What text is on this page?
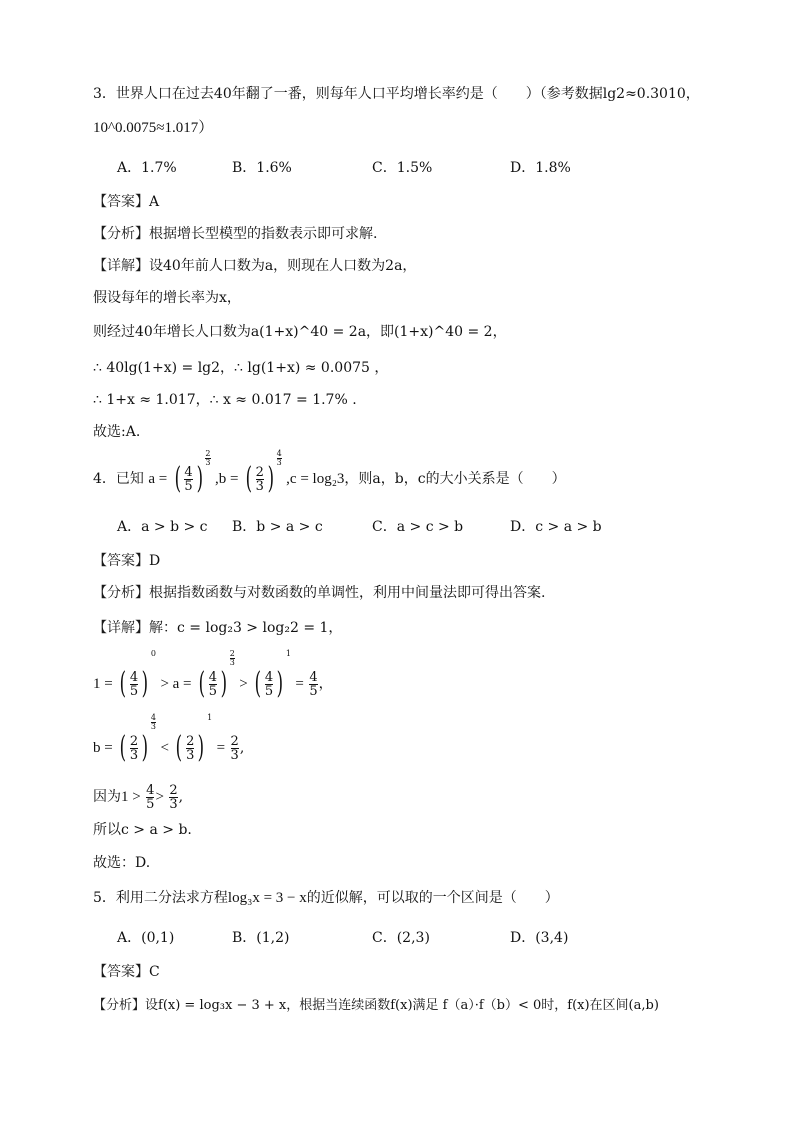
3．世界人口在过去40年翻了一番，则每年人口平均增长率约是（　　）（参考数据lg2≈0.3010，
10^0.0075≈1.017）
A．1.7%	B．1.6%	C．1.5%	D．1.8%
【答案】A
【分析】根据增长型模型的指数表示即可求解.
【详解】设40年前人口数为a，则现在人口数为2a，
假设每年的增长率为x，
则经过40年增长人口数为a(1+x)^40 = 2a，即(1+x)^40 = 2，
∴ 40lg(1+x) = lg2，∴ lg(1+x) ≈ 0.0075 ，
∴ 1+x ≈ 1.017，∴ x ≈ 0.017 = 1.7% .
故选:A.
4．已知 a = ( $\frac{4}{5}$ )
$\frac{2}{3}$
,b = ( $\frac{2}{3}$ )
$\frac{4}{3}$
,c = log₂3，则a，b，c的大小关系是（　　）
A．a > b > c B．b > a > c	C．a > c > b	D．c > a > b
【答案】D
【分析】根据指数函数与对数函数的单调性，利用中间量法即可得出答案.
【详解】解：c = log₂3 > log₂2 = 1，
1 = ( $\frac{4}{5}$ )
0
> a = ( $\frac{4}{5}$ )
$\frac{2}{3}$
> ( $\frac{4}{5}$ )
1
= $\frac{4}{5}$ ，
b = ( $\frac{2}{3}$ )
$\frac{4}{3}$
< ( $\frac{2}{3}$ )
1
= $\frac{2}{3}$ ,
因为$1 > \frac{4}{5} > \frac{2}{3}$ ,
所以c > a > b.
故选：D.
5．利用二分法求方程log₃x = 3 − x的近似解，可以取的一个区间是（　　）
A．(0,1)	B．(1,2)	C．(2,3)	D．(3,4)
【答案】C
【分析】设f(x) = log₃x − 3 + x，根据当连续函数f(x)满足 f（a）·f（b）< 0时，f(x)在区间(a,b)
